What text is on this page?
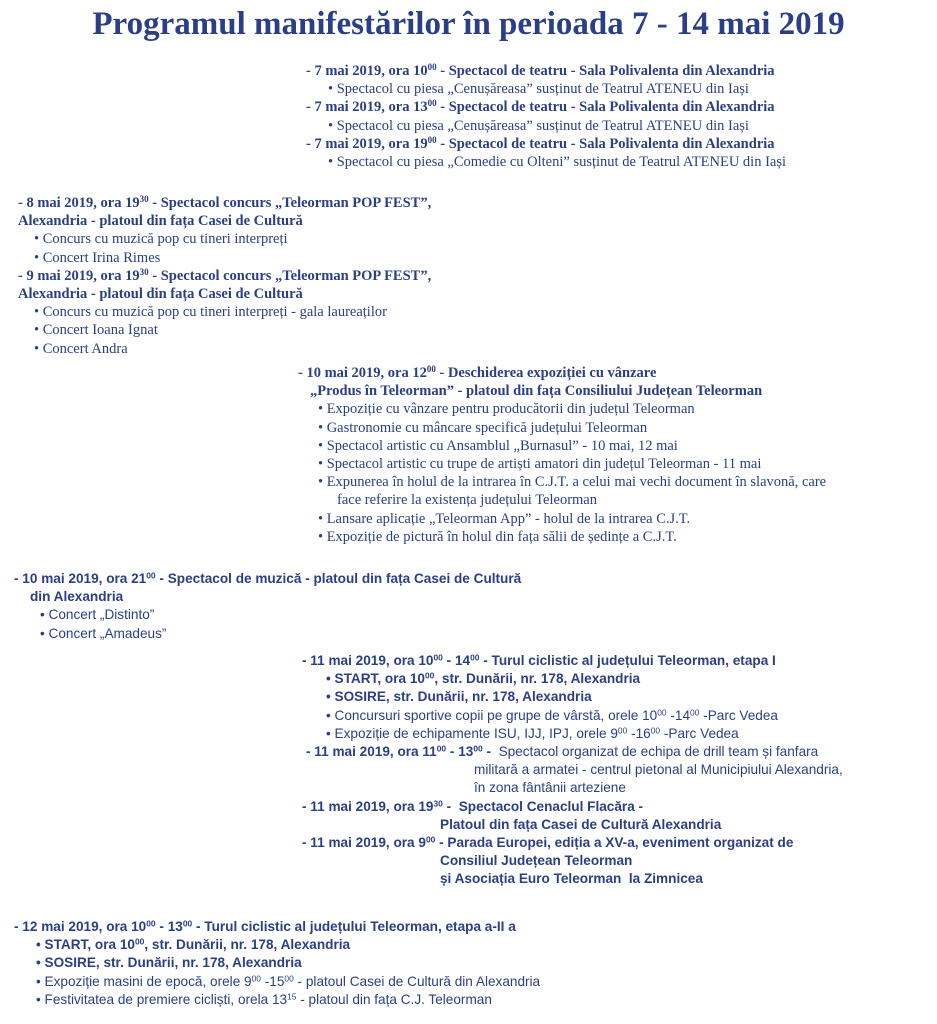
Programul manifestărilor în perioada 7 - 14 mai 2019
- 7 mai 2019, ora $10^{00}$ - Spectacol de teatru - Sala Polivalenta din Alexandria
• Spectacol cu piesa „Cenușăreasa” susținut de Teatrul ATENEU din Iași
- 7 mai 2019, ora $13^{00}$ - Spectacol de teatru - Sala Polivalenta din Alexandria
• Spectacol cu piesa „Cenușăreasa” susținut de Teatrul ATENEU din Iași
- 7 mai 2019, ora $19^{00}$ - Spectacol de teatru - Sala Polivalenta din Alexandria
• Spectacol cu piesa „Comedie cu Olteni” susținut de Teatrul ATENEU din Iași
- 8 mai 2019, ora $19^{30}$ - Spectacol concurs „Teleorman POP FEST”,
Alexandria - platoul din fața Casei de Cultură
• Concurs cu muzică pop cu tineri interpreți
• Concert Irina Rimes
- 9 mai 2019, ora $19^{30}$ - Spectacol concurs „Teleorman POP FEST”,
Alexandria - platoul din fața Casei de Cultură
• Concurs cu muzică pop cu tineri interpreți - gala laureaților
• Concert Ioana Ignat
• Concert Andra
- 10 mai 2019, ora $12^{00}$ - Deschiderea expoziției cu vânzare
„Produs în Teleorman” - platoul din fața Consiliului Județean Teleorman
• Expoziție cu vânzare pentru producătorii din județul Teleorman
• Gastronomie cu mâncare specifică județului Teleorman
• Spectacol artistic cu Ansamblul „Burnasul” - 10 mai, 12 mai
• Spectacol artistic cu trupe de artiști amatori din județul Teleorman - 11 mai
• Expunerea în holul de la intrarea în C.J.T. a celui mai vechi document în slavonă, care
face referire la existența județului Teleorman
• Lansare aplicație „Teleorman App” - holul de la intrarea C.J.T.
• Expoziție de pictură în holul din fața sălii de ședințe a C.J.T.
- 10 mai 2019, ora $21^{00}$ - Spectacol de muzică - platoul din fața Casei de Cultură
din Alexandria
• Concert „Distinto”
• Concert „Amadeus”
- 11 mai 2019, ora $10^{00} - 14^{00}$ - Turul ciclistic al județului Teleorman, etapa I
• START, ora $10^{00}$, str. Dunării, nr. 178, Alexandria
• SOSIRE, str. Dunării, nr. 178, Alexandria
• Concursuri sportive copii pe grupe de vârstă, orele $10^{00}$ $-14^{00}$ -Parc Vedea
• Expoziție de echipamente ISU, IJJ, IPJ, orele $9^{00}$ $-16^{00}$ -Parc Vedea
- 11 mai 2019, ora $11^{00} - 13^{00}$ -  Spectacol organizat de echipa de drill team și fanfara
militară a armatei - centrul pietonal al Municipiului Alexandria,
în zona fântânii arteziene
- 11 mai 2019, ora $19^{30}$ -  Spectacol Cenaclul Flacăra -
Platoul din fața Casei de Cultură Alexandria
- 11 mai 2019, ora $9^{00}$ - Parada Europei, ediția a XV-a, eveniment organizat de
Consiliul Județean Teleorman
și Asociația Euro Teleorman  la Zimnicea
- 12 mai 2019, ora $10^{00} - 13^{00}$ - Turul ciclistic al județului Teleorman, etapa a-II a
• START, ora $10^{00}$, str. Dunării, nr. 178, Alexandria
• SOSIRE, str. Dunării, nr. 178, Alexandria
• Expoziție masini de epocă, orele $9^{00}$ $-15^{00}$ - platoul Casei de Cultură din Alexandria
• Festivitatea de premiere cicliști, orela $13^{15}$ - platoul din fața C.J. Teleorman
